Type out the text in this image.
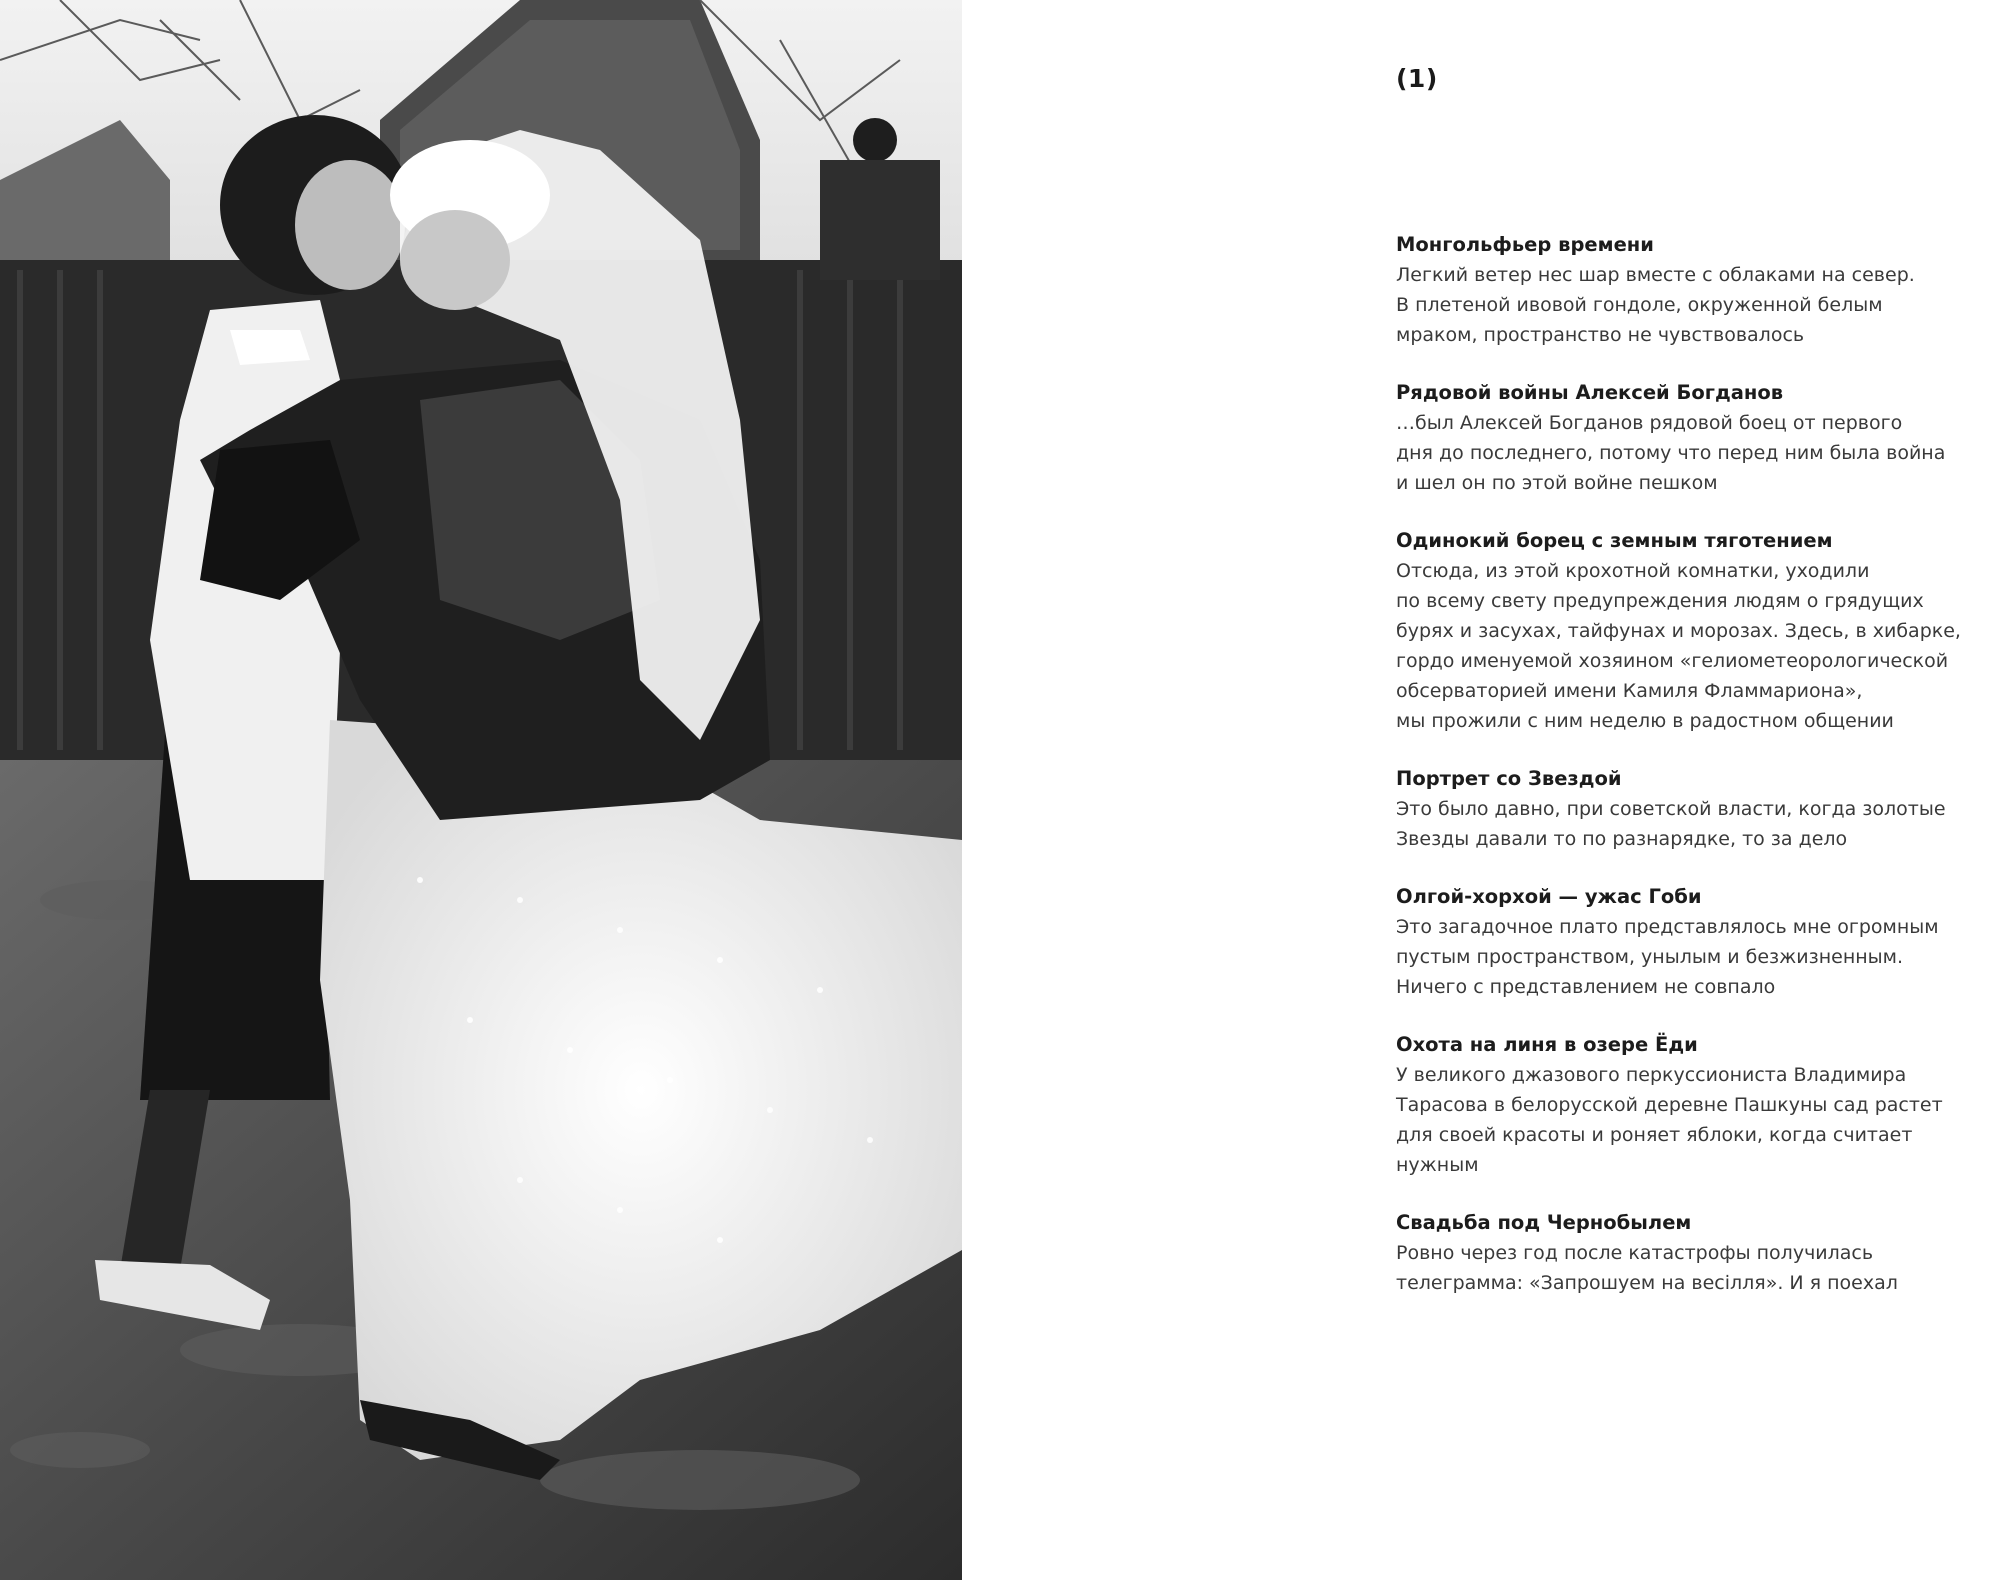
(1)
Монгольфьер времени
Легкий ветер нес шар вместе с облаками на север.
В плетеной ивовой гондоле, окруженной белым
мраком, пространство не чувствовалось
Рядовой войны Алексей Богданов
…был Алексей Богданов рядовой боец от первого
дня до последнего, потому что перед ним была война
и шел он по этой войне пешком
Одинокий борец с земным тяготением
Отсюда, из этой крохотной комнатки, уходили
по всему свету предупреждения людям о грядущих
бурях и засухах, тайфунах и морозах. Здесь, в хибарке,
гордо именуемой хозяином «гелиометеорологической
обсерваторией имени Камиля Фламмариона»,
мы прожили с ним неделю в радостном общении
Портрет со Звездой
Это было давно, при советской власти, когда золотые
Звезды давали то по разнарядке, то за дело
Олгой-хорхой — ужас Гоби
Это загадочное плато представлялось мне огромным
пустым пространством, унылым и безжизненным.
Ничего с представлением не совпало
Охота на линя в озере Ёди
У великого джазового перкуссиониста Владимира
Тарасова в белорусской деревне Пашкуны сад растет
для своей красоты и роняет яблоки, когда считает
нужным
Свадьба под Чернобылем
Ровно через год после катастрофы получилась
телеграмма: «Запрошуем на весілля». И я поехал
